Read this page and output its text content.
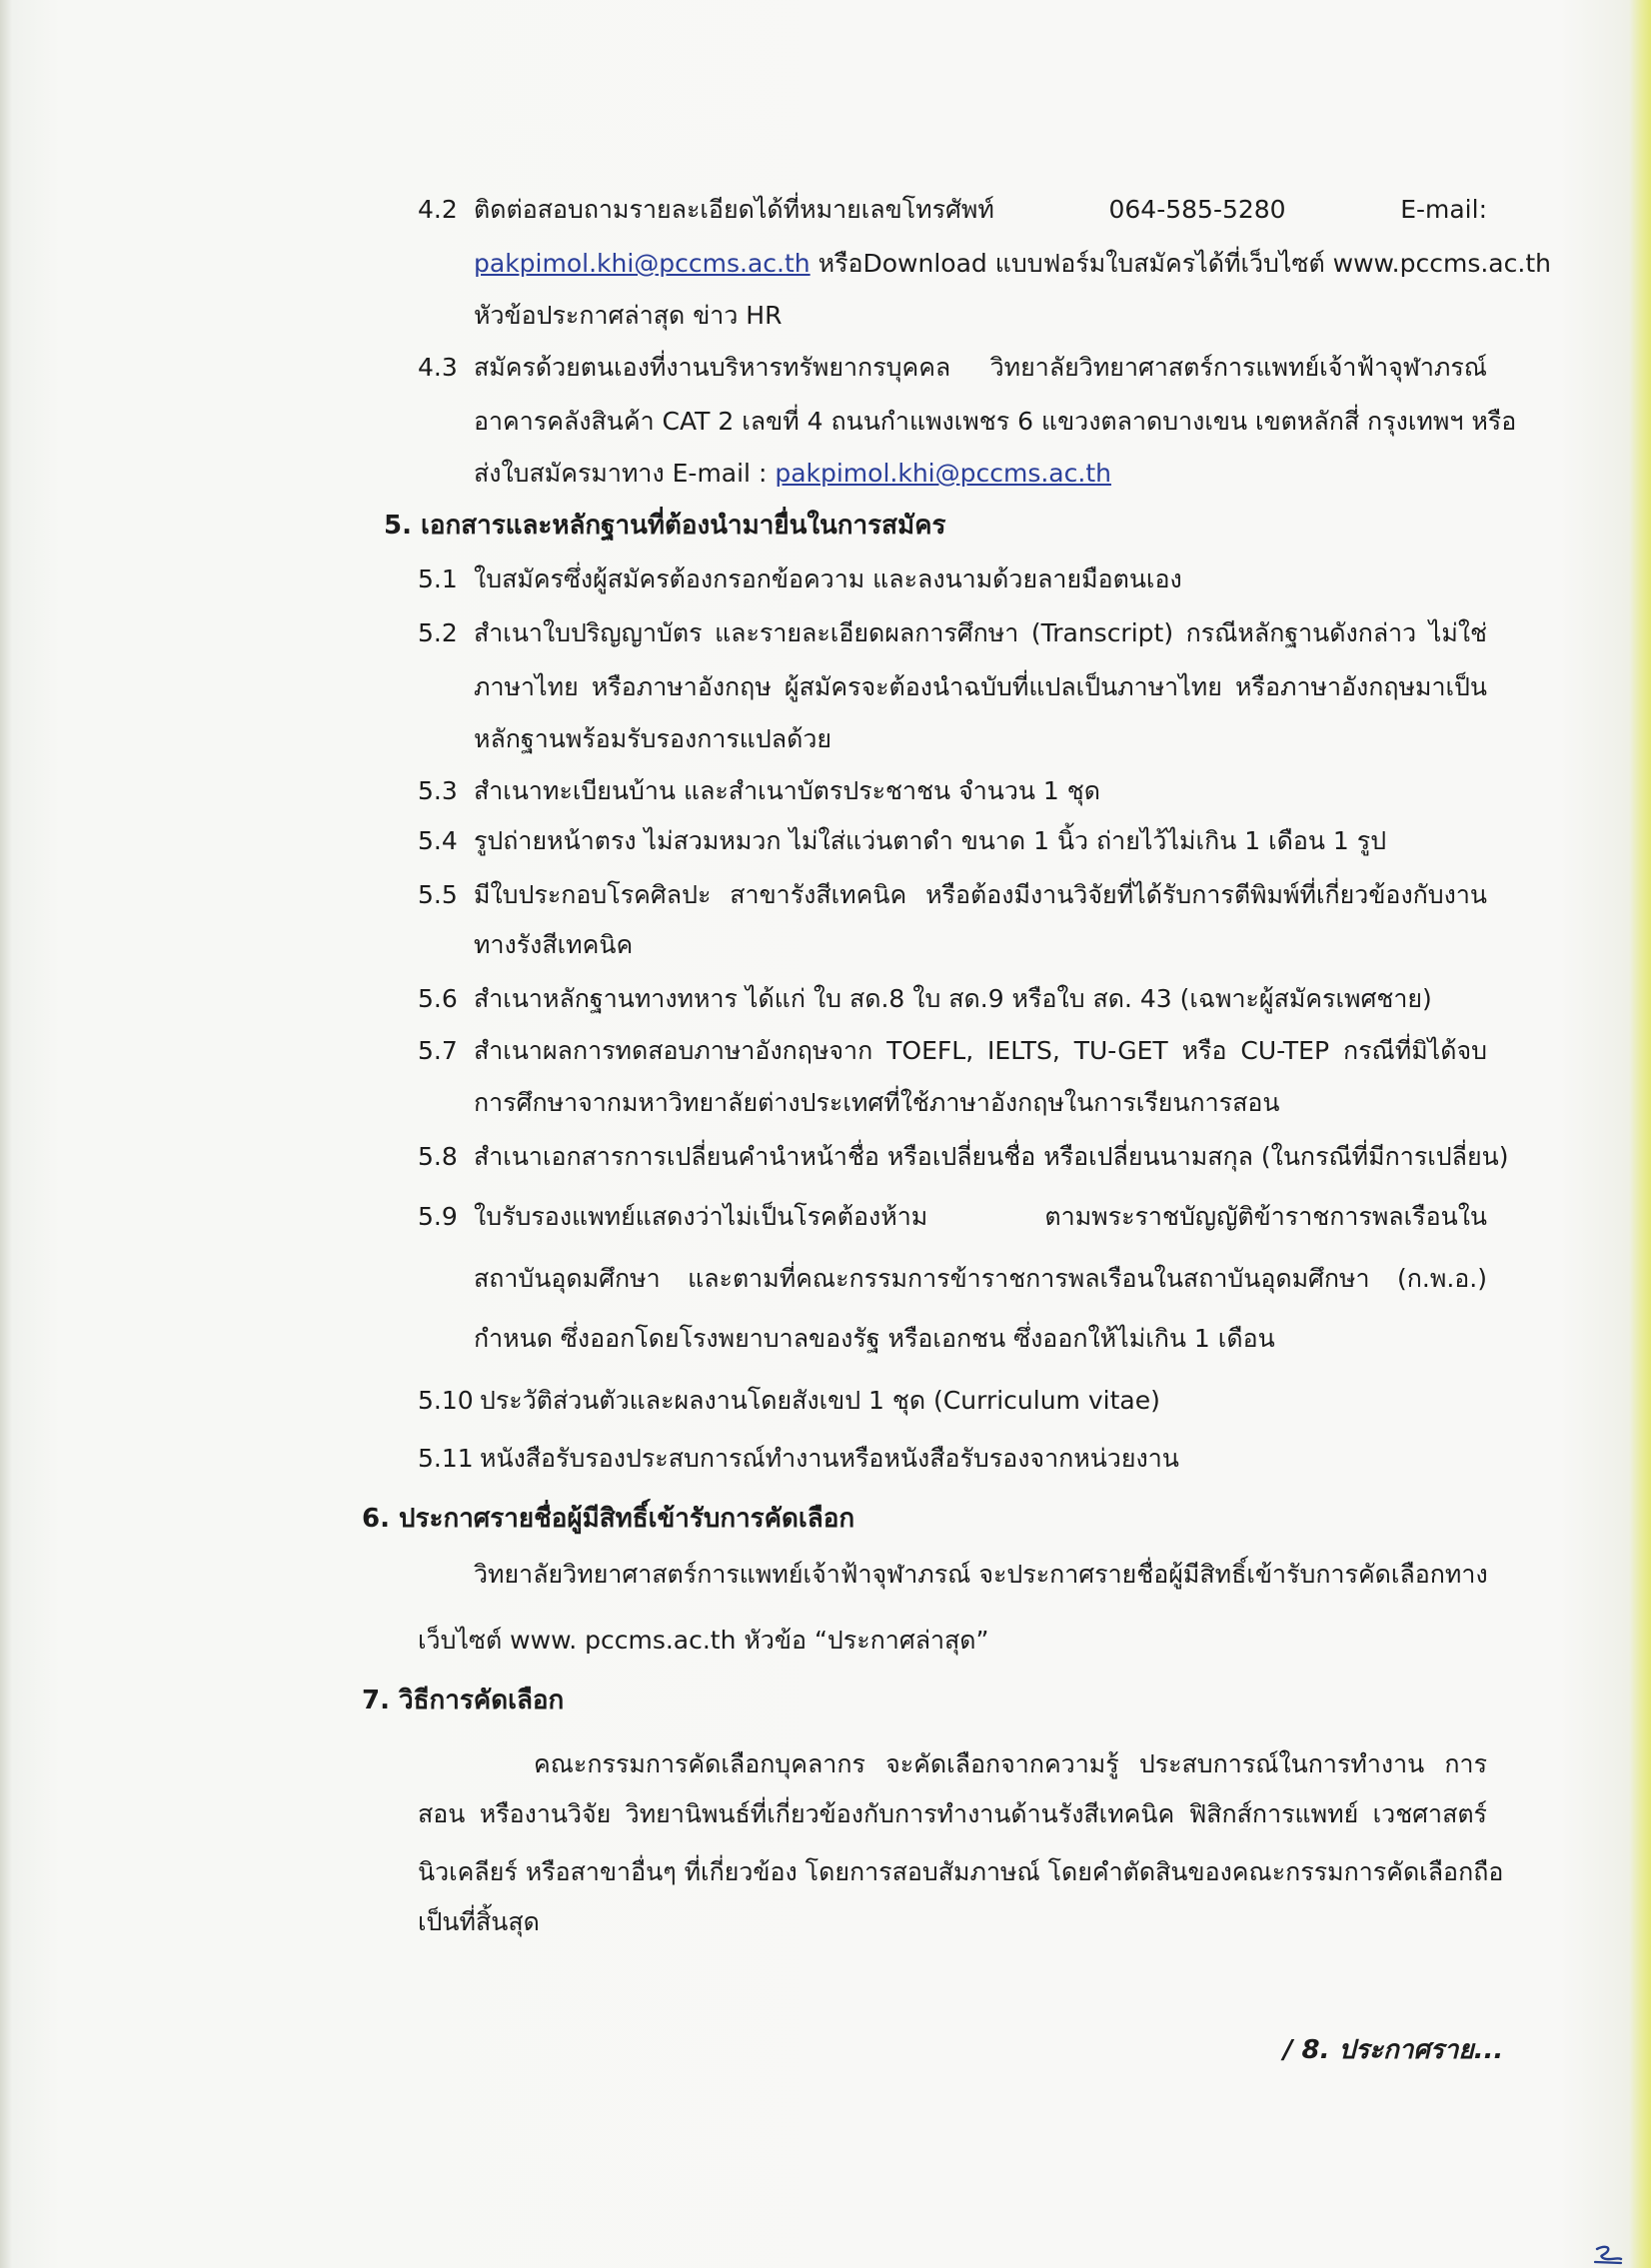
4.2 ติดต่อสอบถามรายละเอียดได้ที่หมายเลขโทรศัพท์ 064-585-5280 E-mail:
pakpimol.khi@pccms.ac.th หรือDownload แบบฟอร์มใบสมัครได้ที่เว็บไซต์ www.pccms.ac.th
หัวข้อประกาศล่าสุด ข่าว HR
4.3 สมัครด้วยตนเองที่งานบริหารทรัพยากรบุคคล วิทยาลัยวิทยาศาสตร์การแพทย์เจ้าฟ้าจุฬาภรณ์
อาคารคลังสินค้า CAT 2 เลขที่ 4 ถนนกำแพงเพชร 6 แขวงตลาดบางเขน เขตหลักสี่ กรุงเทพฯ หรือ
ส่งใบสมัครมาทาง E-mail : pakpimol.khi@pccms.ac.th
5. เอกสารและหลักฐานที่ต้องนำมายื่นในการสมัคร
5.1 ใบสมัครซึ่งผู้สมัครต้องกรอกข้อความ และลงนามด้วยลายมือตนเอง
5.2 สำเนาใบปริญญาบัตร และรายละเอียดผลการศึกษา (Transcript) กรณีหลักฐานดังกล่าว ไม่ใช่
ภาษาไทย หรือภาษาอังกฤษ ผู้สมัครจะต้องนำฉบับที่แปลเป็นภาษาไทย หรือภาษาอังกฤษมาเป็น
หลักฐานพร้อมรับรองการแปลด้วย
5.3 สำเนาทะเบียนบ้าน และสำเนาบัตรประชาชน จำนวน 1 ชุด
5.4 รูปถ่ายหน้าตรง ไม่สวมหมวก ไม่ใส่แว่นตาดำ ขนาด 1 นิ้ว ถ่ายไว้ไม่เกิน 1 เดือน 1 รูป
5.5 มีใบประกอบโรคศิลปะ สาขารังสีเทคนิค หรือต้องมีงานวิจัยที่ได้รับการตีพิมพ์ที่เกี่ยวข้องกับงาน
ทางรังสีเทคนิค
5.6 สำเนาหลักฐานทางทหาร ได้แก่ ใบ สด.8 ใบ สด.9 หรือใบ สด. 43 (เฉพาะผู้สมัครเพศชาย)
5.7 สำเนาผลการทดสอบภาษาอังกฤษจาก TOEFL, IELTS, TU-GET หรือ CU-TEP กรณีที่มิได้จบ
การศึกษาจากมหาวิทยาลัยต่างประเทศที่ใช้ภาษาอังกฤษในการเรียนการสอน
5.8 สำเนาเอกสารการเปลี่ยนคำนำหน้าชื่อ หรือเปลี่ยนชื่อ หรือเปลี่ยนนามสกุล (ในกรณีที่มีการเปลี่ยน)
5.9 ใบรับรองแพทย์แสดงว่าไม่เป็นโรคต้องห้าม ตามพระราชบัญญัติข้าราชการพลเรือนใน
สถาบันอุดมศึกษา และตามที่คณะกรรมการข้าราชการพลเรือนในสถาบันอุดมศึกษา (ก.พ.อ.)
กำหนด ซึ่งออกโดยโรงพยาบาลของรัฐ หรือเอกชน ซึ่งออกให้ไม่เกิน 1 เดือน
5.10 ประวัติส่วนตัวและผลงานโดยสังเขป 1 ชุด (Curriculum vitae)
5.11 หนังสือรับรองประสบการณ์ทำงานหรือหนังสือรับรองจากหน่วยงาน
6. ประกาศรายชื่อผู้มีสิทธิ์เข้ารับการคัดเลือก
วิทยาลัยวิทยาศาสตร์การแพทย์เจ้าฟ้าจุฬาภรณ์ จะประกาศรายชื่อผู้มีสิทธิ์เข้ารับการคัดเลือกทาง
เว็บไซต์ www. pccms.ac.th หัวข้อ “ประกาศล่าสุด”
7. วิธีการคัดเลือก
คณะกรรมการคัดเลือกบุคลากร จะคัดเลือกจากความรู้ ประสบการณ์ในการทำงาน การ
สอน หรืองานวิจัย วิทยานิพนธ์ที่เกี่ยวข้องกับการทำงานด้านรังสีเทคนิค ฟิสิกส์การแพทย์ เวชศาสตร์
นิวเคลียร์ หรือสาขาอื่นๆ ที่เกี่ยวข้อง โดยการสอบสัมภาษณ์ โดยคำตัดสินของคณะกรรมการคัดเลือกถือ
เป็นที่สิ้นสุด
/ 8. ประกาศราย...
